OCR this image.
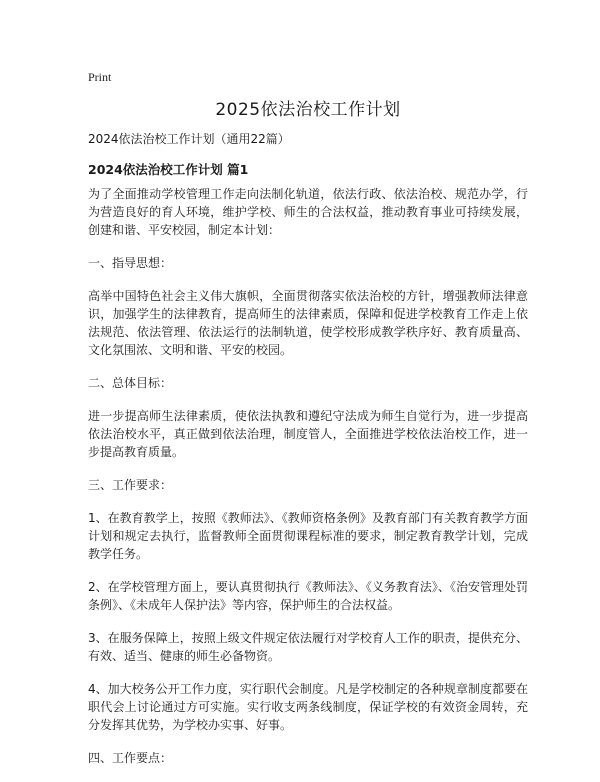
Print
2025依法治校工作计划

2024依法治校工作计划（通用22篇）

2024依法治校工作计划 篇1

为了全面推动学校管理工作走向法制化轨道，依法行政、依法治校、规范办学，行为营造良好的育人环境，维护学校、师生的合法权益，推动教育事业可持续发展，创建和谐、平安校园，制定本计划：

一、指导思想：

高举中国特色社会主义伟大旗帜，全面贯彻落实依法治校的方针，增强教师法律意识，加强学生的法律教育，提高师生的法律素质，保障和促进学校教育工作走上依法规范、依法管理、依法运行的法制轨道，使学校形成教学秩序好、教育质量高、文化氛围浓、文明和谐、平安的校园。

二、总体目标：

进一步提高师生法律素质，使依法执教和遵纪守法成为师生自觉行为，进一步提高依法治校水平，真正做到依法治理，制度管人，全面推进学校依法治校工作，进一步提高教育质量。

三、工作要求：

1、在教育教学上，按照《教师法》、《教师资格条例》及教育部门有关教育教学方面计划和规定去执行，监督教师全面贯彻课程标准的要求，制定教育教学计划，完成教学任务。

2、在学校管理方面上，要认真贯彻执行《教师法》、《义务教育法》、《治安管理处罚条例》、《未成年人保护法》等内容，保护师生的合法权益。

3、在服务保障上，按照上级文件规定依法履行对学校育人工作的职责，提供充分、有效、适当、健康的师生必备物资。

4、加大校务公开工作力度，实行职代会制度。凡是学校制定的各种规章制度都要在职代会上讨论通过方可实施。实行收支两条线制度，保证学校的有效资金周转，充分发挥其优势，为学校办实事、好事。

四、工作要点：
